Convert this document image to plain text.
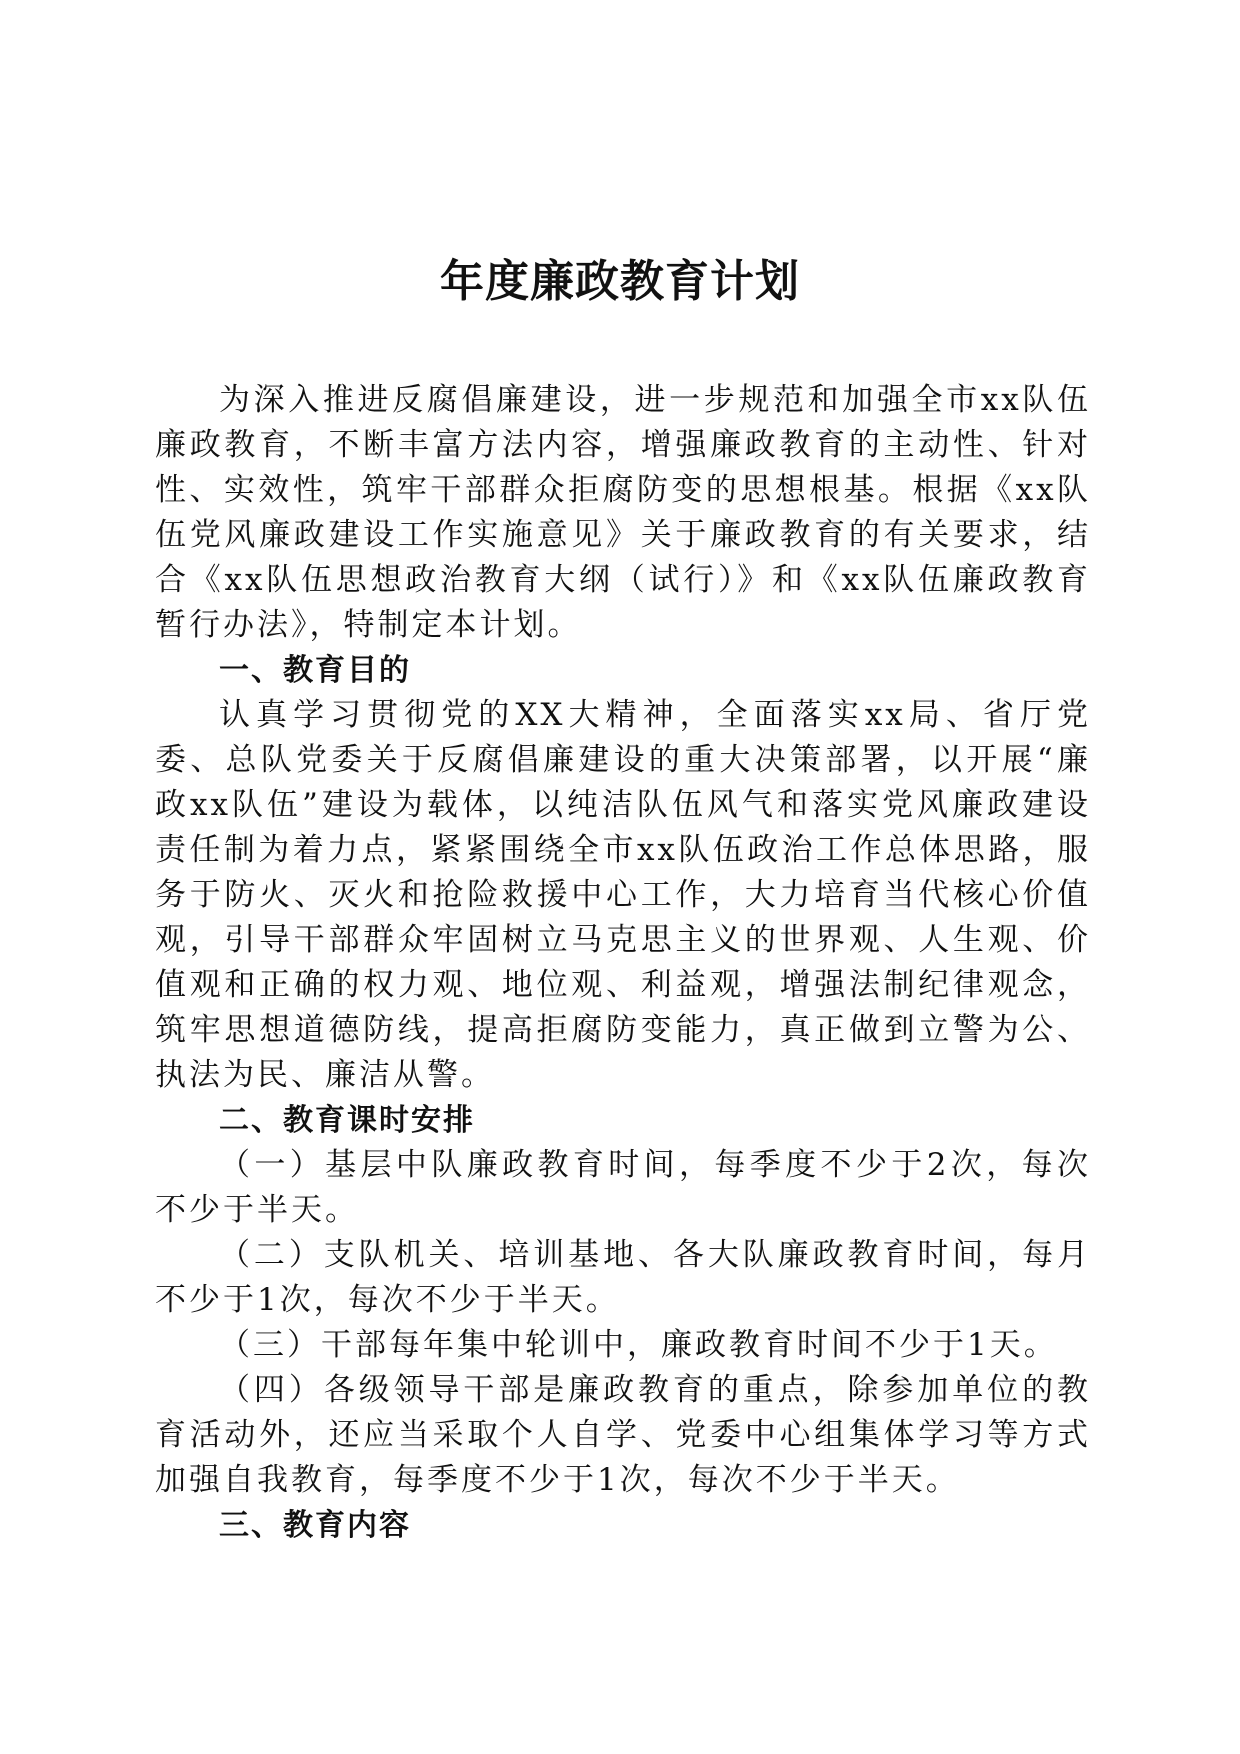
年度廉政教育计划

为深入推进反腐倡廉建设，进一步规范和加强全市xx队伍廉政教育，不断丰富方法内容，增强廉政教育的主动性、针对性、实效性，筑牢干部群众拒腐防变的思想根基。根据《xx队伍党风廉政建设工作实施意见》关于廉政教育的有关要求，结合《xx队伍思想政治教育大纲（试行）》和《xx队伍廉政教育暂行办法》，特制定本计划。

一、教育目的

认真学习贯彻党的XX大精神，全面落实xx局、省厅党委、总队党委关于反腐倡廉建设的重大决策部署，以开展“廉政xx队伍”建设为载体，以纯洁队伍风气和落实党风廉政建设责任制为着力点，紧紧围绕全市xx队伍政治工作总体思路，服务于防火、灭火和抢险救援中心工作，大力培育当代核心价值观，引导干部群众牢固树立马克思主义的世界观、人生观、价值观和正确的权力观、地位观、利益观，增强法制纪律观念，筑牢思想道德防线，提高拒腐防变能力，真正做到立警为公、执法为民、廉洁从警。

二、教育课时安排

（一）基层中队廉政教育时间，每季度不少于2次，每次不少于半天。

（二）支队机关、培训基地、各大队廉政教育时间，每月不少于1次，每次不少于半天。

（三）干部每年集中轮训中，廉政教育时间不少于1天。

（四）各级领导干部是廉政教育的重点，除参加单位的教育活动外，还应当采取个人自学、党委中心组集体学习等方式加强自我教育，每季度不少于1次，每次不少于半天。

三、教育内容
